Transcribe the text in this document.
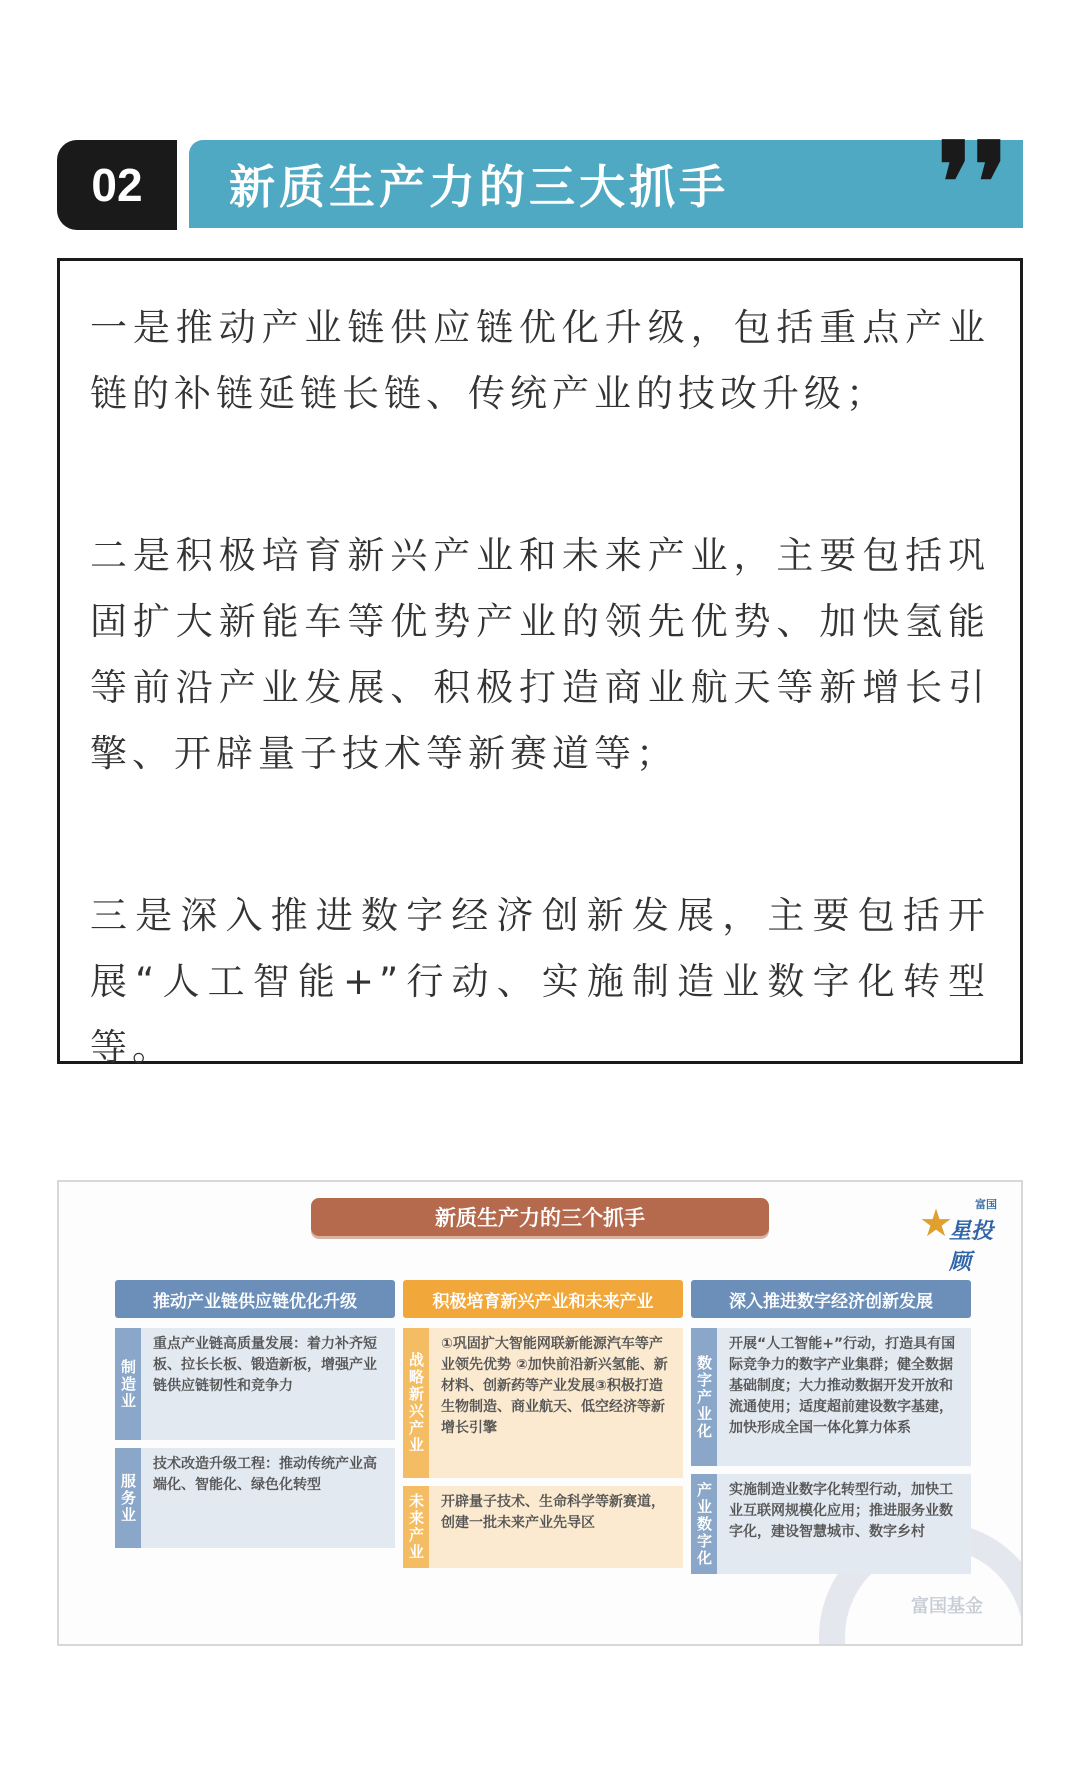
02	新质生产力的三大抓手	❜❜

一是推动产业链供应链优化升级，包括重点产业链的补链延链长链、传统产业的技改升级；

二是积极培育新兴产业和未来产业，主要包括巩固扩大新能车等优势产业的领先优势、加快氢能等前沿产业发展、积极打造商业航天等新增长引擎、开辟量子技术等新赛道等；

三是深入推进数字经济创新发展，主要包括开展“人工智能+”行动、实施制造业数字化转型等。

新质生产力的三个抓手	★ 富国
星投顾
推动产业链供应链优化升级
制造业
重点产业链高质量发展：着力补齐短板、拉长长板、锻造新板，增强产业链供应链韧性和竞争力
服务业
技术改造升级工程：推动传统产业高端化、智能化、绿色化转型
积极培育新兴产业和未来产业
战略新兴产业
①巩固扩大智能网联新能源汽车等产业领先优势 ②加快前沿新兴氢能、新材料、创新药等产业发展③积极打造生物制造、商业航天、低空经济等新增长引擎
未来产业	开辟量子技术、生命科学等新赛道，创建一批未来产业先导区
深入推进数字经济创新发展
数字产业化
开展“人工智能+”行动，打造具有国际竞争力的数字产业集群；健全数据基础制度；大力推动数据开发开放和流通使用；适度超前建设数字基建，加快形成全国一体化算力体系
产业数字化	实施制造业数字化转型行动，加快工业互联网规模化应用；推进服务业数字化，建设智慧城市、数字乡村
富国基金
